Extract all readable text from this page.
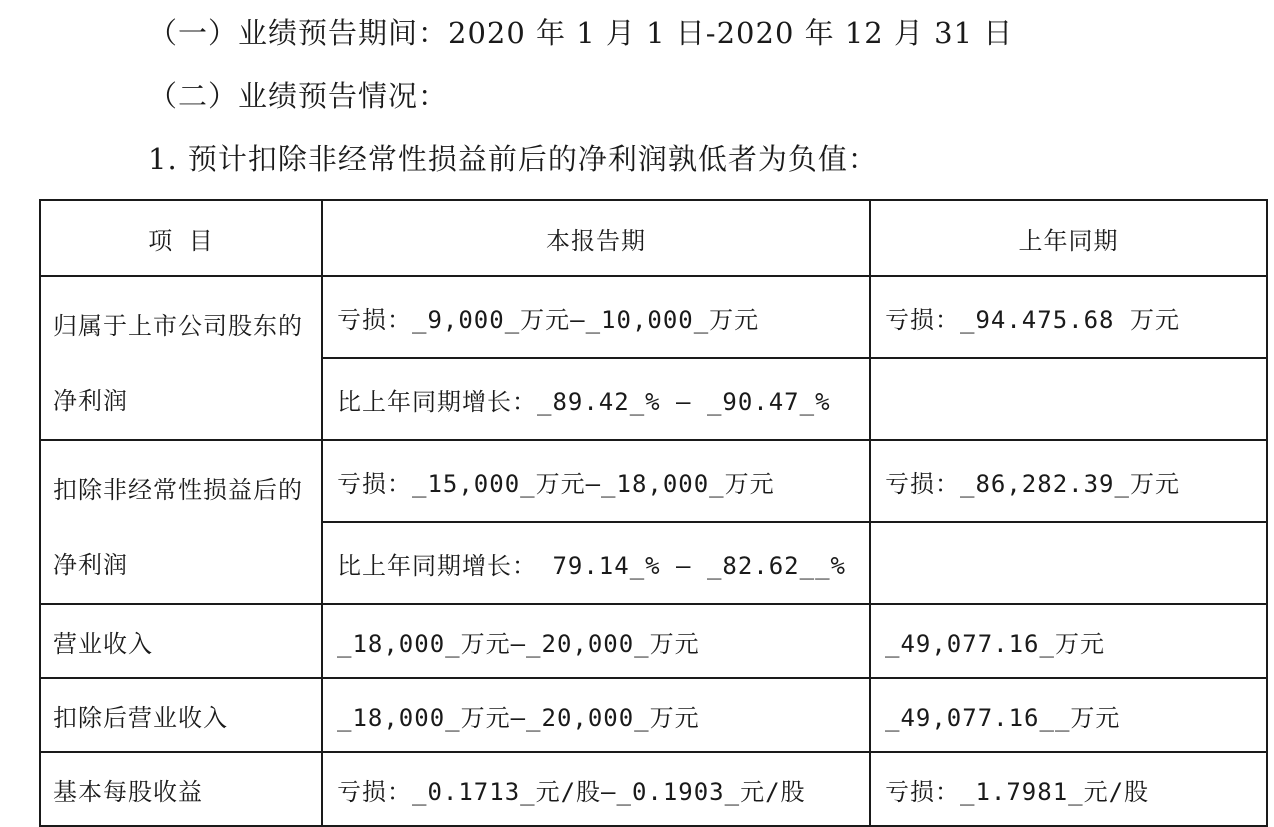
（一）业绩预告期间：2020 年 1 月 1 日-2020 年 12 月 31 日
（二）业绩预告情况：
1. 预计扣除非经常性损益前后的净利润孰低者为负值：
项 目	本报告期	上年同期

归属于上市公司股东的净利润	亏损：_9,000_万元–_10,000_万元	亏损：_94.475.68 万元
	比上年同期增长：_89.42_% – _90.47_%	

扣除非经常性损益后的净利润	亏损：_15,000_万元–_18,000_万元	亏损：_86,282.39_万元
	比上年同期增长： 79.14_% – _82.62__%	
营业收入	_18,000_万元–_20,000_万元	_49,077.16_万元
扣除后营业收入	_18,000_万元–_20,000_万元	_49,077.16__万元
基本每股收益	亏损：_0.1713_元/股–_0.1903_元/股	亏损：_1.7981_元/股
